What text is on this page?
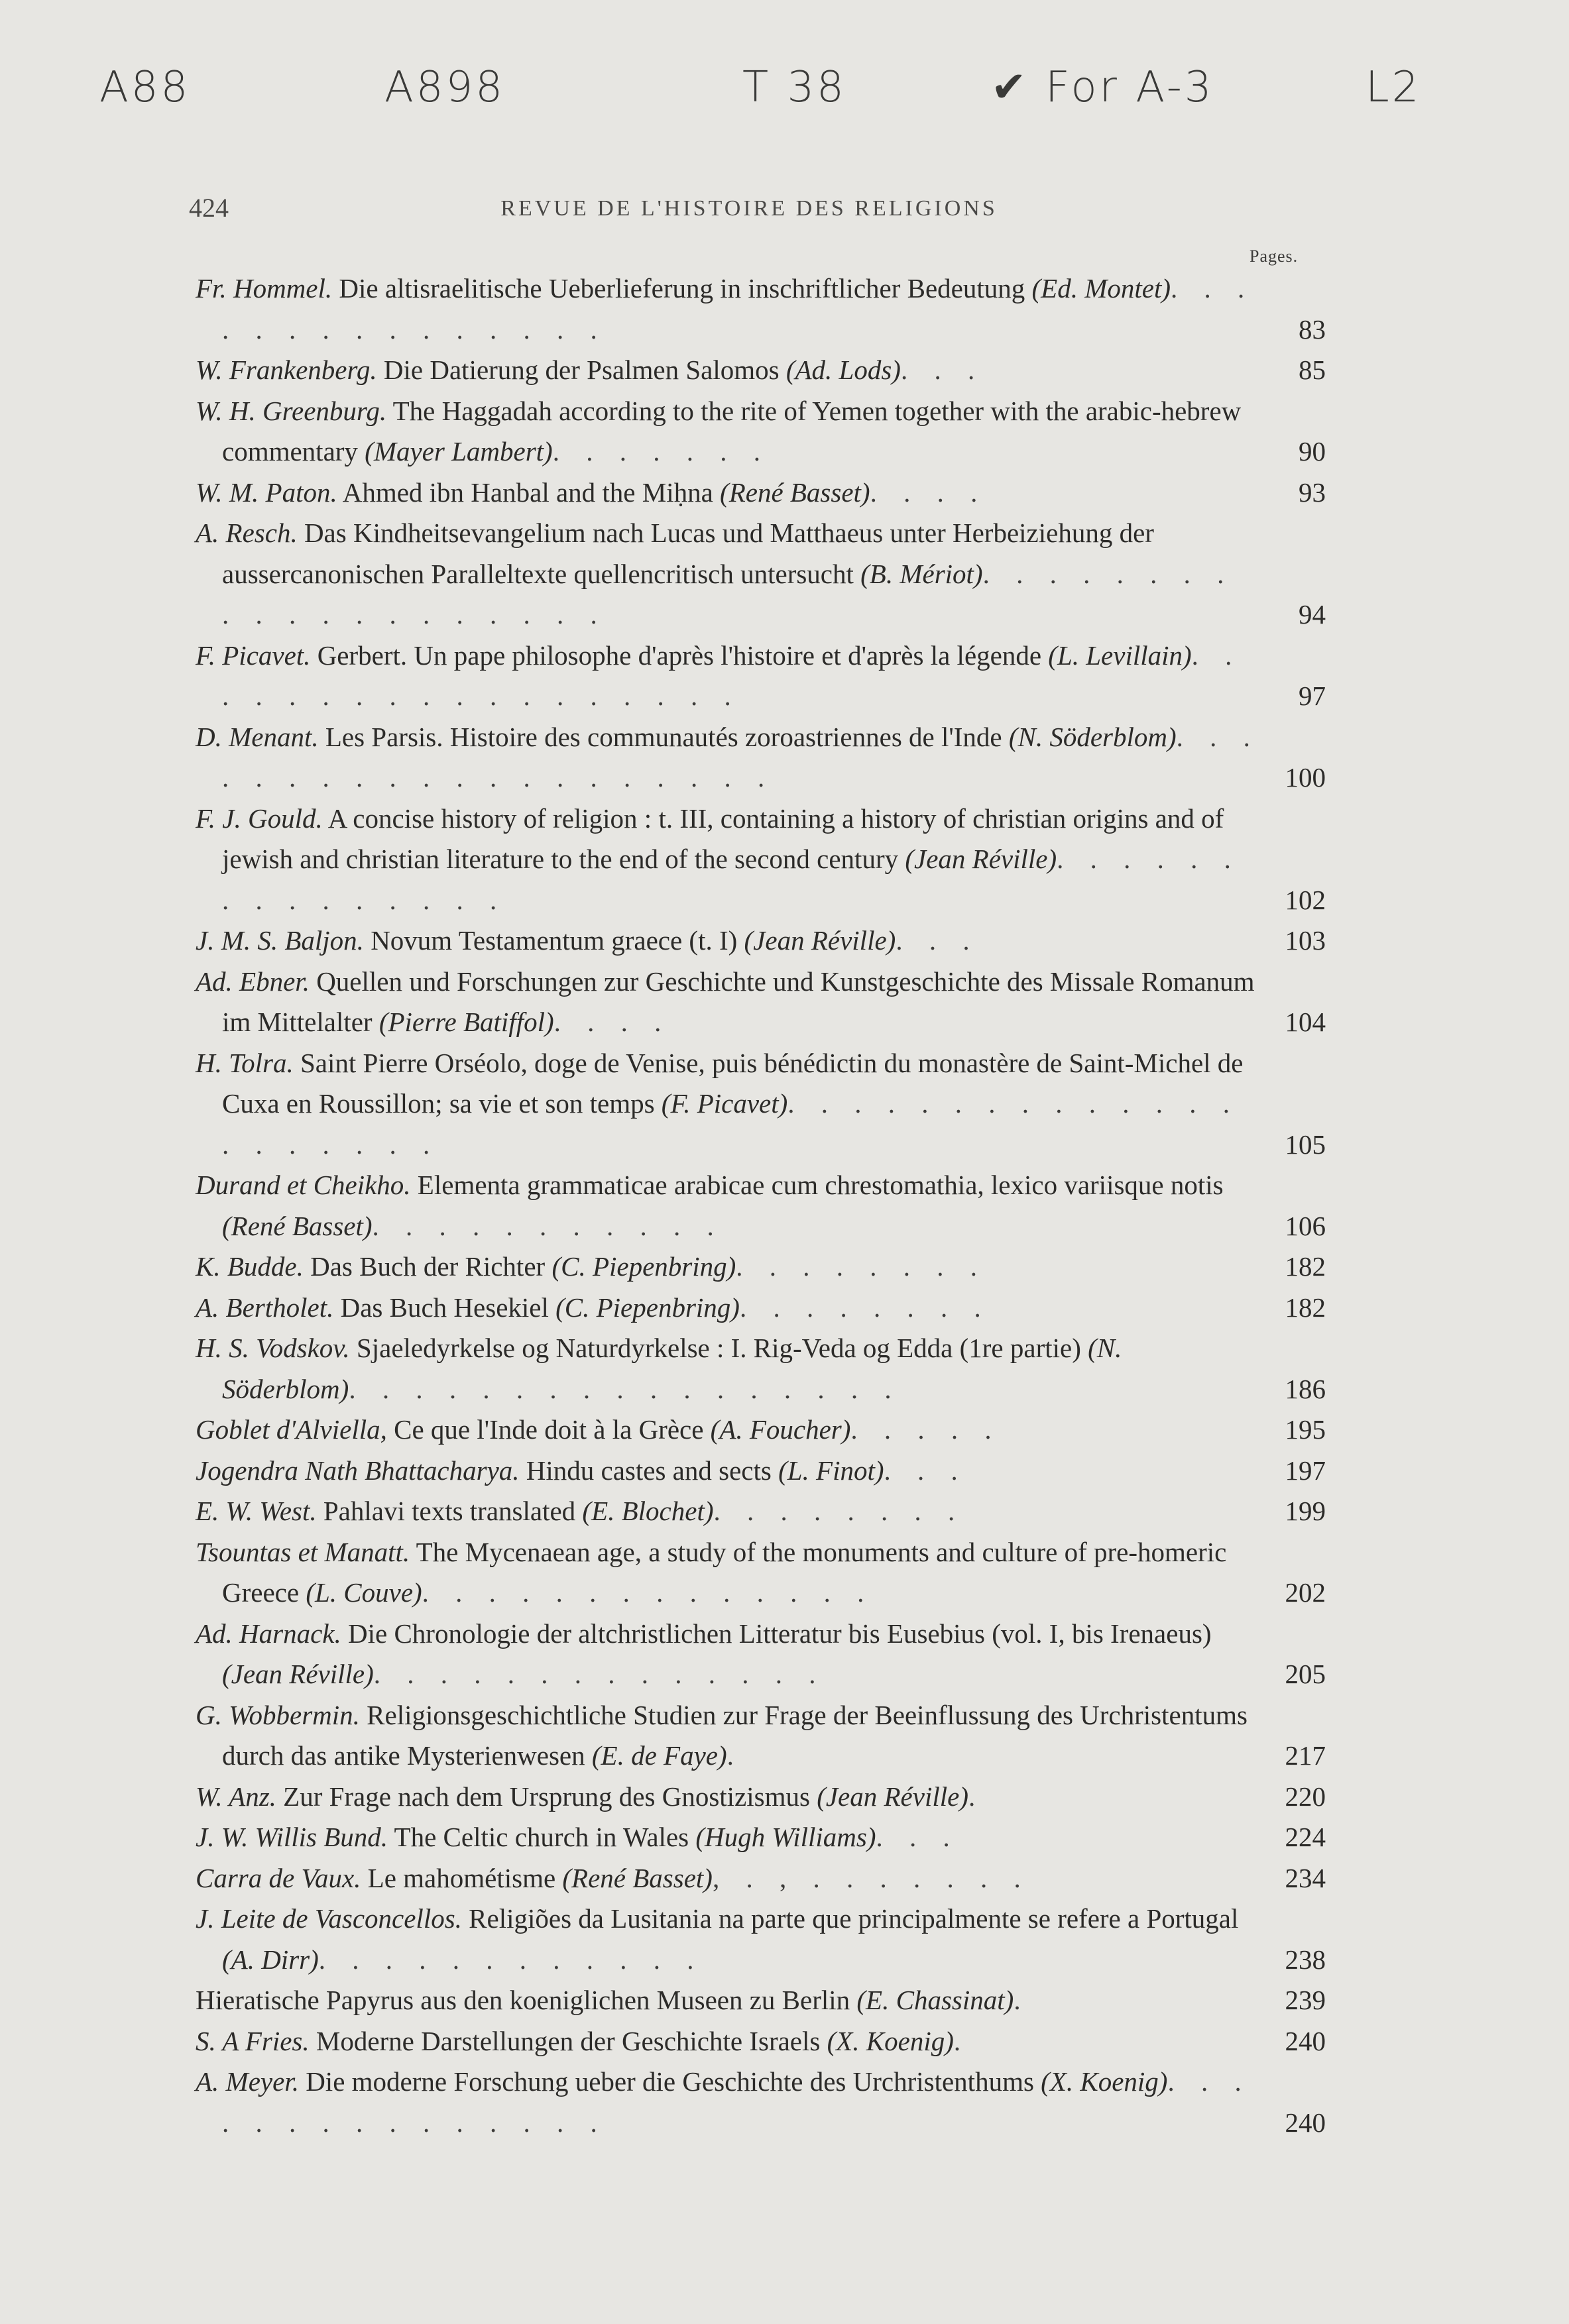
A88	A898	T 38	✔ For A-3	L2
424	REVUE DE L'HISTOIRE DES RELIGIONS
Pages.
Fr. Hommel. Die altisraelitische Ueberlieferung in inschriftlicher Bedeutung (Ed. Montet). . . . . . . . . . . . . . .	83
W. Frankenberg. Die Datierung der Psalmen Salomos (Ad. Lods). . .	85
W. H. Greenburg. The Haggadah according to the rite of Yemen together with the arabic-hebrew commentary (Mayer Lambert). . . . . . .	90
W. M. Paton. Ahmed ibn Hanbal and the Miḥna (René Basset). . . .	93
A. Resch. Das Kindheitsevangelium nach Lucas und Matthaeus unter Herbeiziehung der aussercanonischen Paralleltexte quellencritisch untersucht (B. Mériot). . . . . . . . . . . . . . . . . . . .	94
F. Picavet. Gerbert. Un pape philosophe d'après l'histoire et d'après la légende (L. Levillain). . . . . . . . . . . . . . . . . .	97
D. Menant. Les Parsis. Histoire des communautés zoroastriennes de l'Inde (N. Söderblom). . . . . . . . . . . . . . . . . . . .	100
F. J. Gould. A concise history of religion : t. III, containing a history of christian origins and of jewish and christian literature to the end of the second century (Jean Réville). . . . . . . . . . . . . . .	102
J. M. S. Baljon. Novum Testamentum graece (t. I) (Jean Réville). . .	103
Ad. Ebner. Quellen und Forschungen zur Geschichte und Kunstgeschichte des Missale Romanum im Mittelalter (Pierre Batiffol). . . .	104
H. Tolra. Saint Pierre Orséolo, doge de Venise, puis bénédictin du monastère de Saint-Michel de Cuxa en Roussillon; sa vie et son temps (F. Picavet). . . . . . . . . . . . . . . . . . . . .	105
Durand et Cheikho. Elementa grammaticae arabicae cum chrestomathia, lexico variisque notis (René Basset). . . . . . . . . . .	106
K. Budde. Das Buch der Richter (C. Piepenbring). . . . . . . .	182
A. Bertholet. Das Buch Hesekiel (C. Piepenbring). . . . . . . .	182
H. S. Vodskov. Sjaeledyrkelse og Naturdyrkelse : I. Rig-Veda og Edda (1re partie) (N. Söderblom). . . . . . . . . . . . . . . . .	186
Goblet d'Alviella, Ce que l'Inde doit à la Grèce (A. Foucher). . . . .	195
Jogendra Nath Bhattacharya. Hindu castes and sects (L. Finot). . .	197
E. W. West. Pahlavi texts translated (E. Blochet). . . . . . . .	199
Tsountas et Manatt. The Mycenaean age, a study of the monuments and culture of pre-homeric Greece (L. Couve). . . . . . . . . . . . . .	202
Ad. Harnack. Die Chronologie der altchristlichen Litteratur bis Eusebius (vol. I, bis Irenaeus) (Jean Réville). . . . . . . . . . . . . .	205
G. Wobbermin. Religionsgeschichtliche Studien zur Frage der Beeinflussung des Urchristentums durch das antike Mysterienwesen (E. de Faye).	217
W. Anz. Zur Frage nach dem Ursprung des Gnostizismus (Jean Réville).	220
J. W. Willis Bund. The Celtic church in Wales (Hugh Williams). . .	224
Carra de Vaux. Le mahométisme (René Basset), . , . . . . . . .	234
J. Leite de Vasconcellos. Religiões da Lusitania na parte que principalmente se refere a Portugal (A. Dirr). . . . . . . . . . . .	238
Hieratische Papyrus aus den koeniglichen Museen zu Berlin (E. Chassinat).	239
S. A Fries. Moderne Darstellungen der Geschichte Israels (X. Koenig).	240
A. Meyer. Die moderne Forschung ueber die Geschichte des Urchristenthums (X. Koenig). . . . . . . . . . . . . . .	240
